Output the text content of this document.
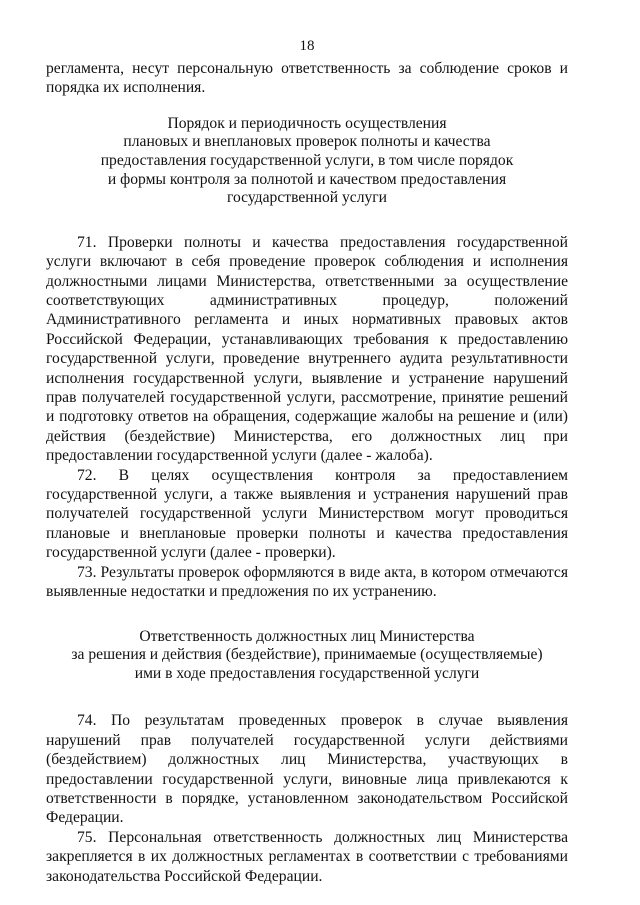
18

регламента, несут персональную ответственность за соблюдение сроков и порядка их исполнения.

Порядок и периодичность осуществления
плановых и внеплановых проверок полноты и качества
предоставления государственной услуги, в том числе порядок
и формы контроля за полнотой и качеством предоставления
государственной услуги

71. Проверки полноты и качества предоставления государственной услуги включают в себя проведение проверок соблюдения и исполнения должностными лицами Министерства, ответственными за осуществление соответствующих административных процедур, положений Административного регламента и иных нормативных правовых актов Российской Федерации, устанавливающих требования к предоставлению государственной услуги, проведение внутреннего аудита результативности исполнения государственной услуги, выявление и устранение нарушений прав получателей государственной услуги, рассмотрение, принятие решений и подготовку ответов на обращения, содержащие жалобы на решение и (или) действия (бездействие) Министерства, его должностных лиц при предоставлении государственной услуги (далее - жалоба).

72. В целях осуществления контроля за предоставлением государственной услуги, а также выявления и устранения нарушений прав получателей государственной услуги Министерством могут проводиться плановые и внеплановые проверки полноты и качества предоставления государственной услуги (далее - проверки).

73. Результаты проверок оформляются в виде акта, в котором отмечаются выявленные недостатки и предложения по их устранению.

Ответственность должностных лиц Министерства
за решения и действия (бездействие), принимаемые (осуществляемые)
ими в ходе предоставления государственной услуги

74. По результатам проведенных проверок в случае выявления нарушений прав получателей государственной услуги действиями (бездействием) должностных лиц Министерства, участвующих в предоставлении государственной услуги, виновные лица привлекаются к ответственности в порядке, установленном законодательством Российской Федерации.

75. Персональная ответственность должностных лиц Министерства закрепляется в их должностных регламентах в соответствии с требованиями законодательства Российской Федерации.
